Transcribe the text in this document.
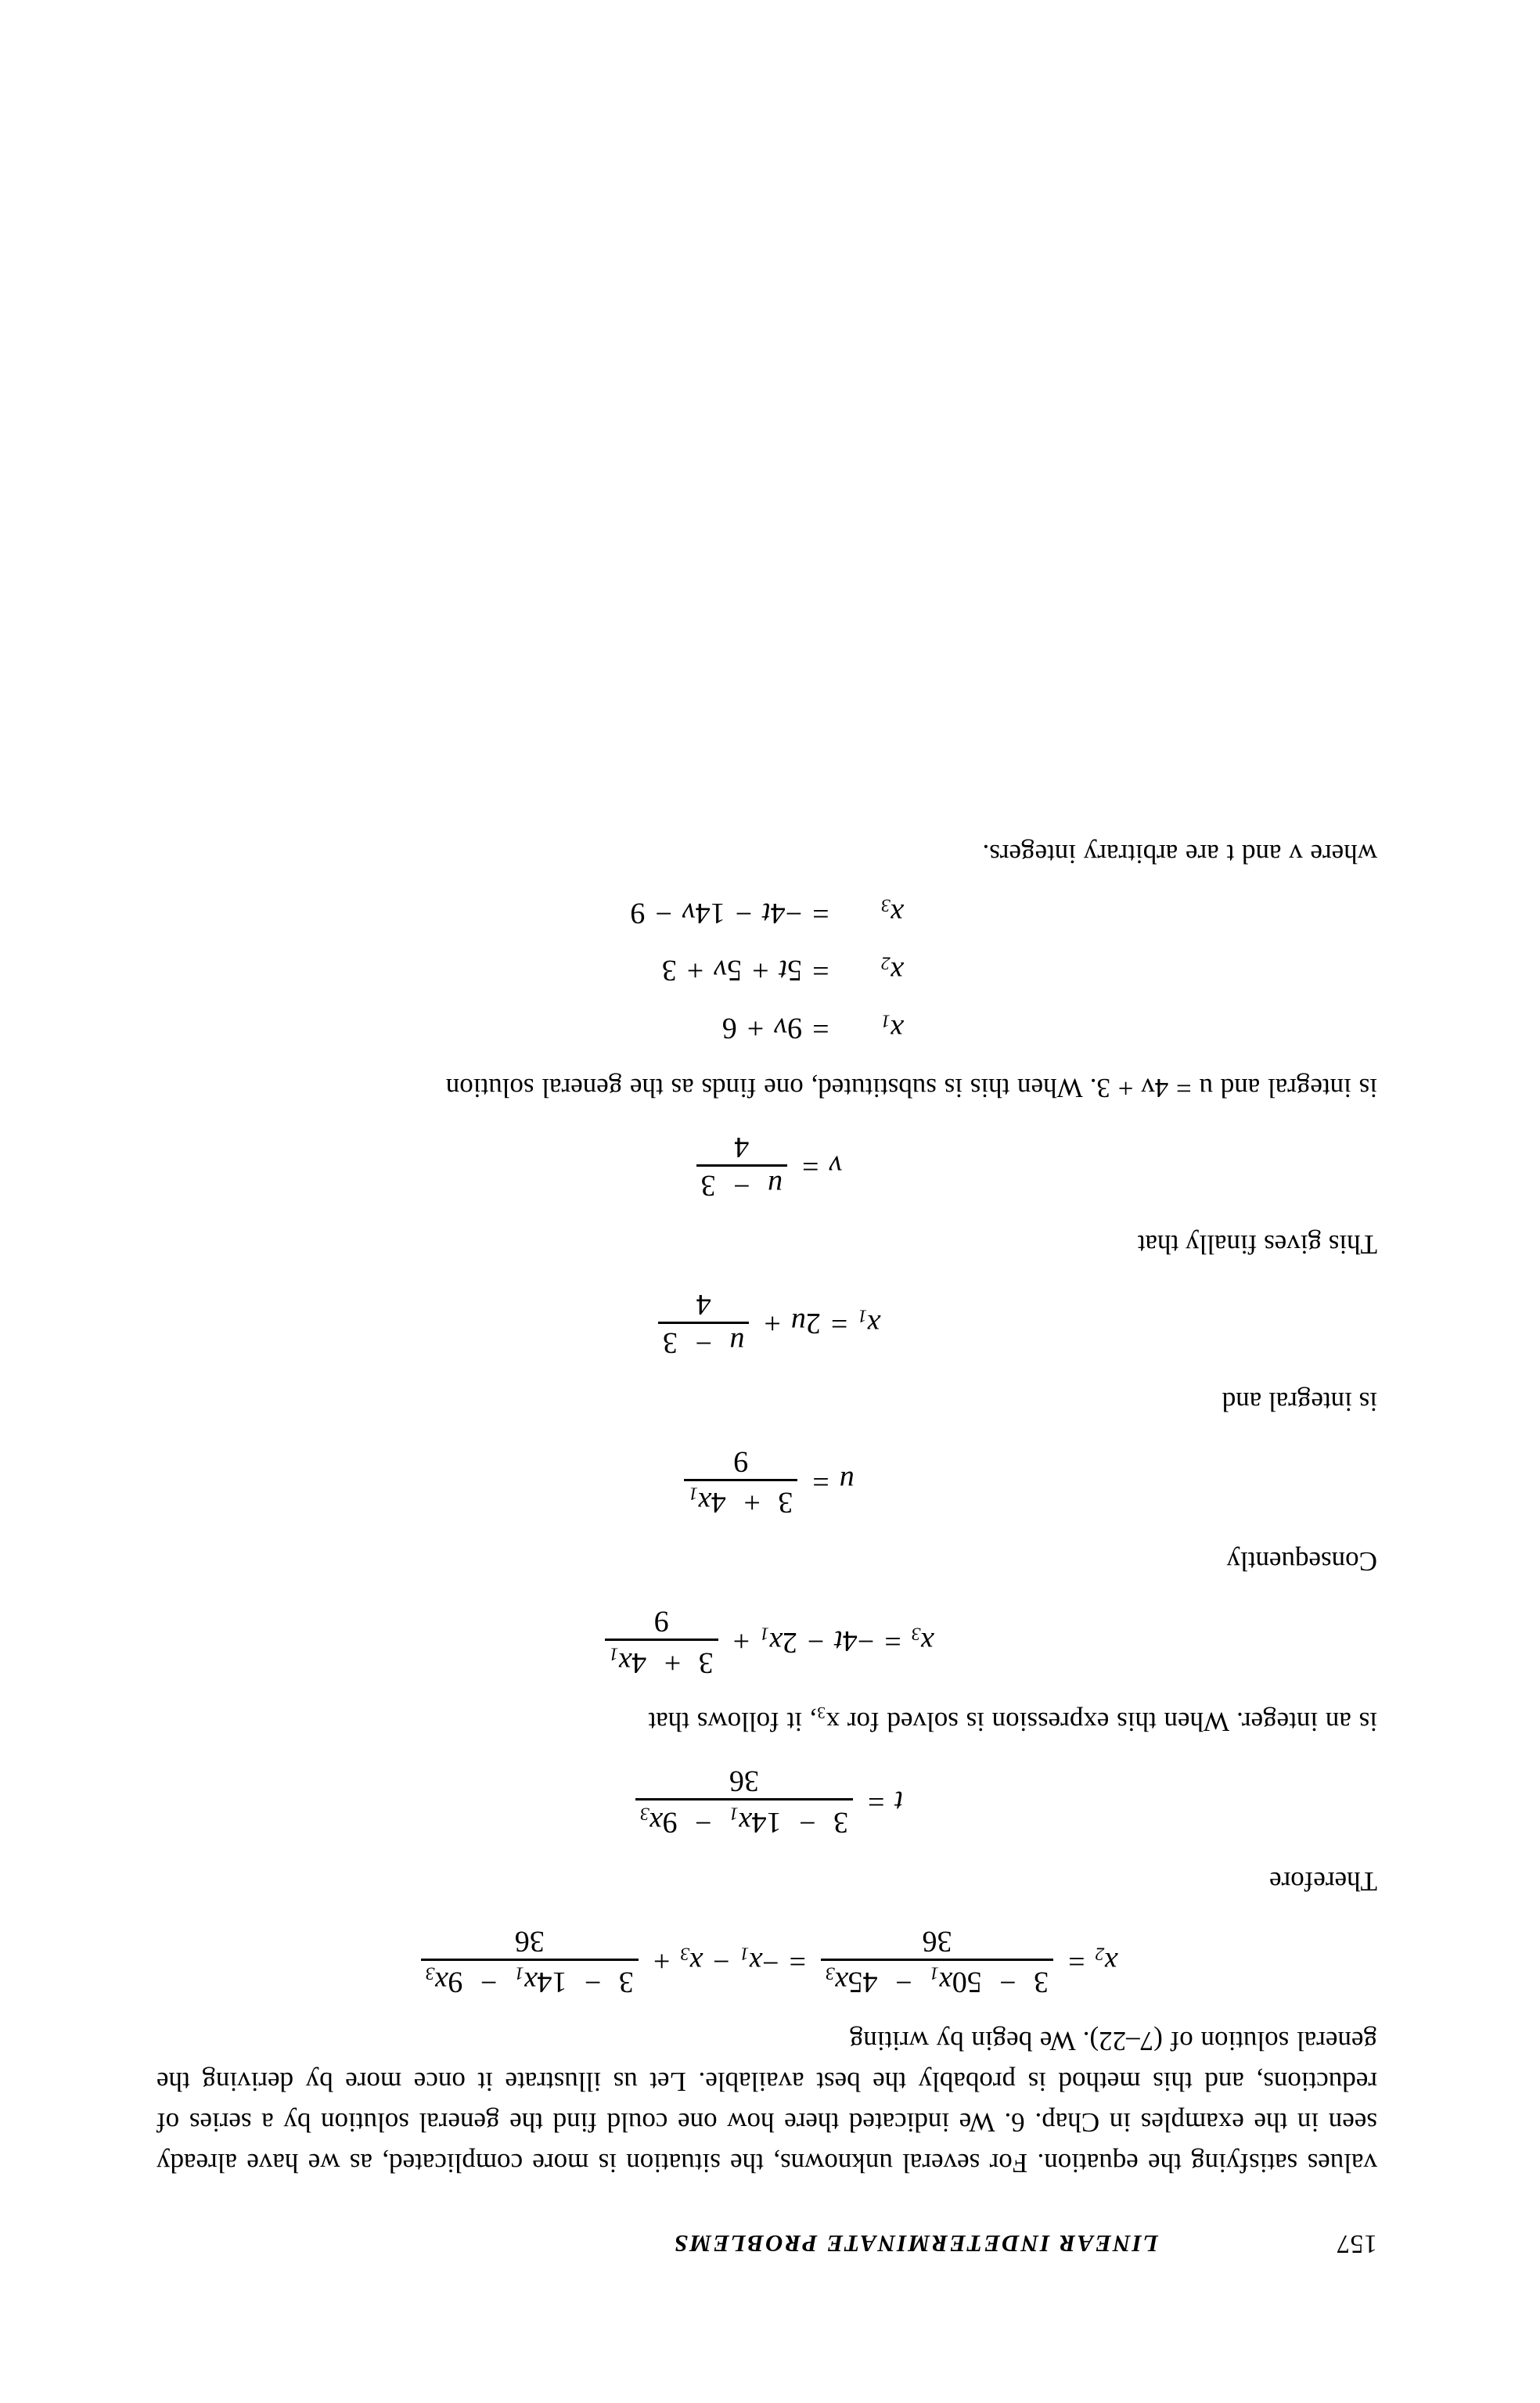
157
LINEAR INDETERMINATE PROBLEMS

values satisfying the equation. For several unknowns, the situation is more complicated, as we have already seen in the examples in Chap. 6. We indicated there how one could find the general solution by a series of reductions, and this method is probably the best available. Let us illustrate it once more by deriving the general solution of (7–22). We begin by writing

$x_2$
=
$3 - 50x_1 - 45x_3$
36
=
$-x_1$
−
$x_3$
+
$3 - 14x_1 - 9x_3$
36

Therefore

t
=
$3 - 14x_1 - 9x_3$
36

is an integer. When this expression is solved for x₃, it follows that

$x_3$
=
−4t
−
$2x_1$
+
$3 + 4x_1$
9

Consequently

u
=
$3 + 4x_1$
9

is integral and

$x_1$
=
2u
+
u − 3
4

This gives finally that

v
=
u − 3
4

is integral and u = 4v + 3. When this is substituted, one finds as the general solution

$x_1$
=
9v
+
6
$x_2$
=
5t
+
5v
+
3
$x_3$
=
−4t
−
14v
−
9

where v and t are arbitrary integers.
